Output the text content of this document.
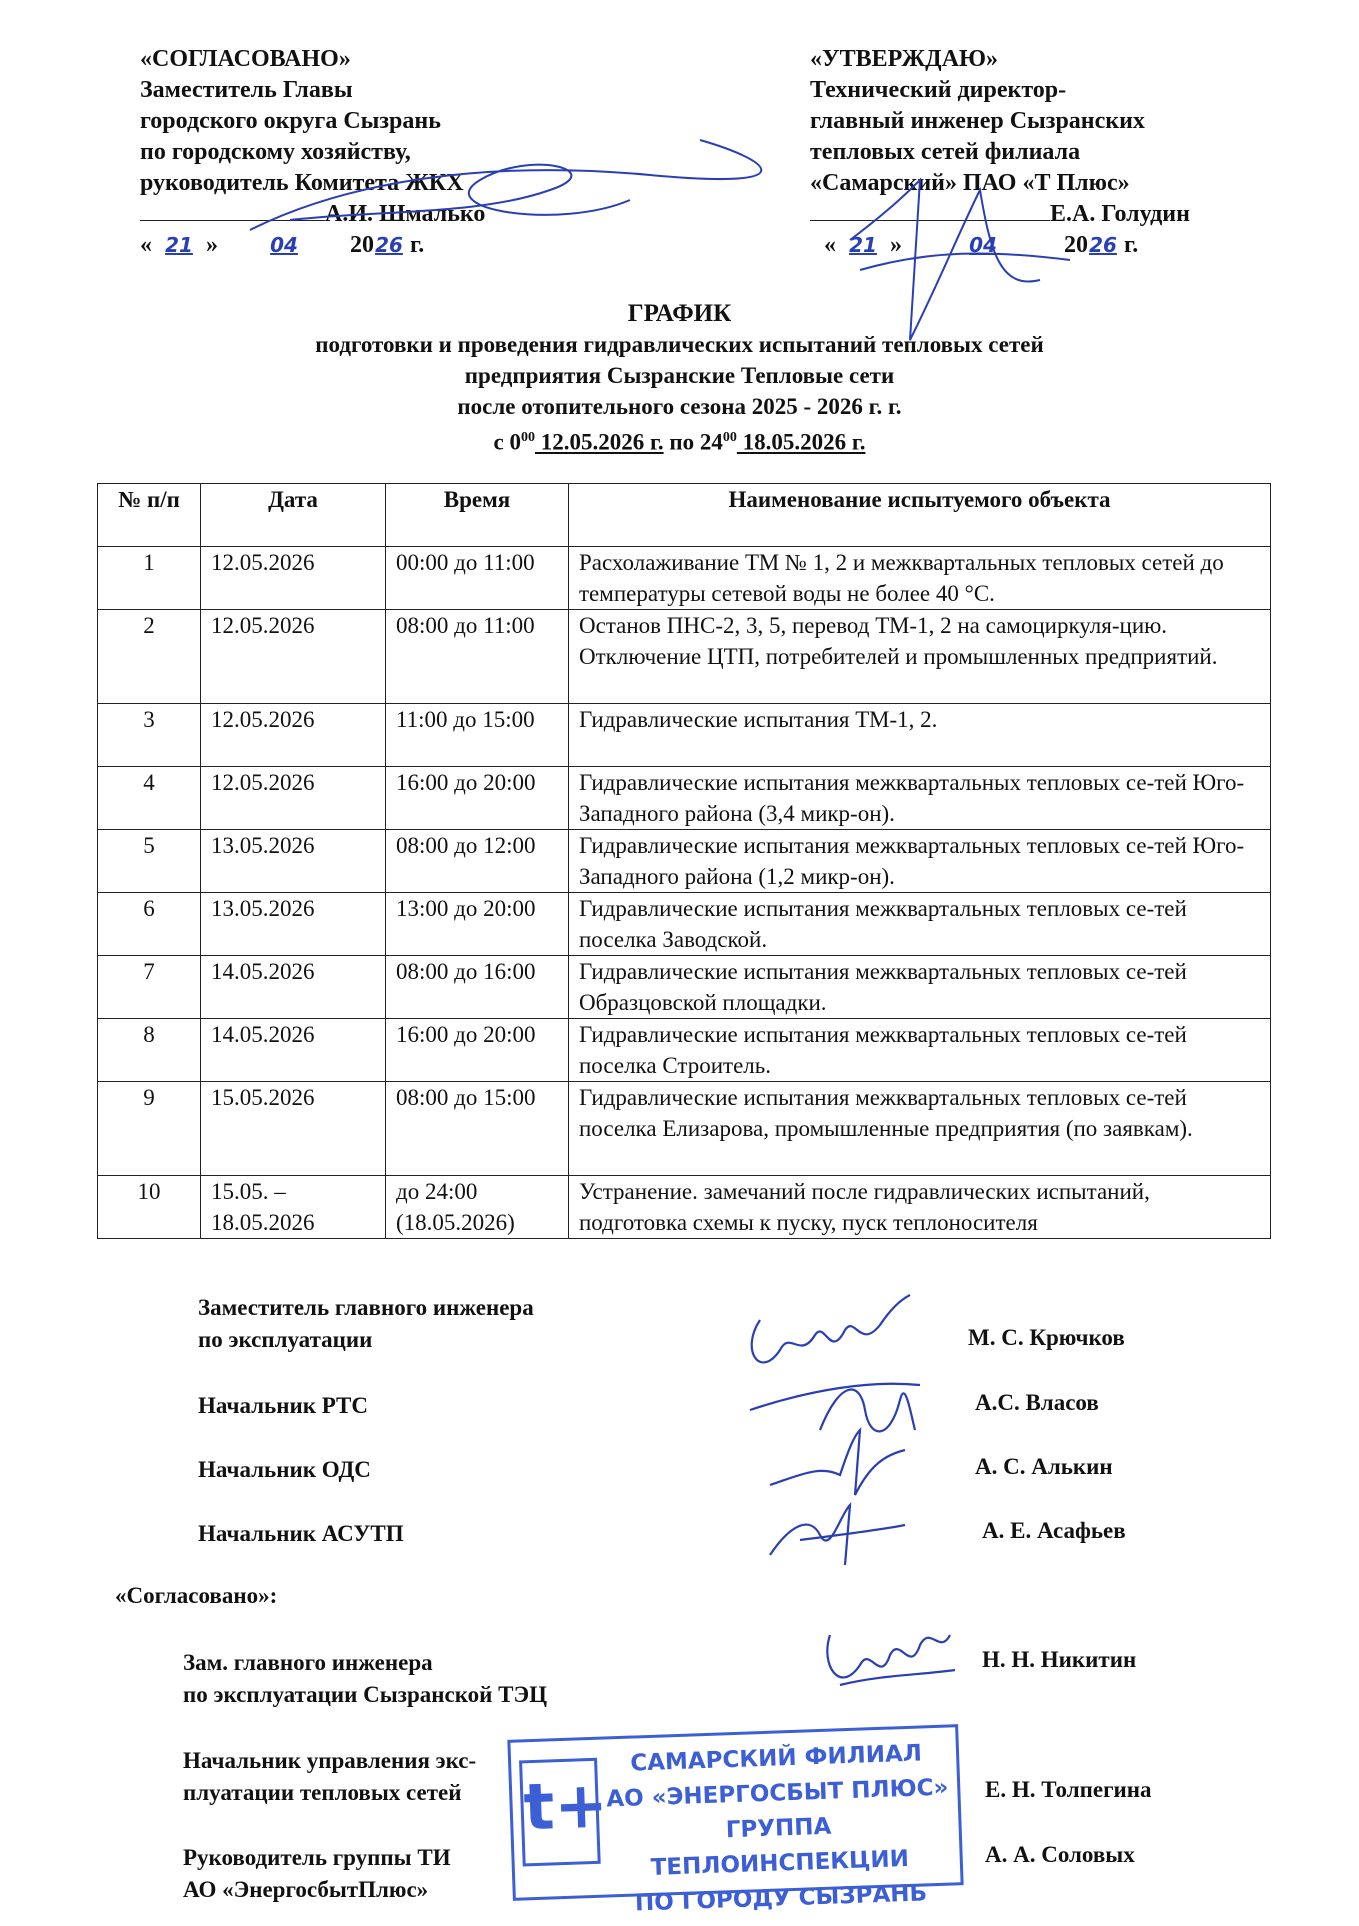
«СОГЛАСОВАНО»
Заместитель Главы
городского округа Сызрань
по городскому хозяйству,
руководитель Комитета ЖКХ
А.И. Шмалько
« 21 » 04 2026 г.
«УТВЕРЖДАЮ»
Технический директор-
главный инженер Сызранских
тепловых сетей филиала
«Самарский» ПАО «Т Плюс»
Е.А. Голудин
« 21 »	04	2026 г.
ГРАФИК
подготовки и проведения гидравлических испытаний тепловых сетей
предприятия Сызранские Тепловые сети
после отопительного сезона 2025 - 2026 г. г.
с $0^{00}$ 12.05.2026 г. по $24^{00}$ 18.05.2026 г.
№ п/п	Дата	Время	Наименование испытуемого объекта
1	12.05.2026	00:00 до 11:00	Расхолаживание ТМ № 1, 2 и межквартальных тепловых сетей до температуры сетевой воды не более 40 °С.
2	12.05.2026	08:00 до 11:00	Останов ПНС-2, 3, 5, перевод ТМ-1, 2 на самоциркуля-цию. Отключение ЦТП, потребителей и промышленных предприятий.
3	12.05.2026	11:00 до 15:00	Гидравлические испытания ТМ-1, 2.
4	12.05.2026	16:00 до 20:00	Гидравлические испытания межквартальных тепловых се-тей Юго-Западного района (3,4 микр-он).
5	13.05.2026	08:00 до 12:00	Гидравлические испытания межквартальных тепловых се-тей Юго-Западного района (1,2 микр-он).
6	13.05.2026	13:00 до 20:00	Гидравлические испытания межквартальных тепловых се-тей поселка Заводской.
7	14.05.2026	08:00 до 16:00	Гидравлические испытания межквартальных тепловых се-тей Образцовской площадки.
8	14.05.2026	16:00 до 20:00	Гидравлические испытания межквартальных тепловых се-тей поселка Строитель.
9	15.05.2026	08:00 до 15:00	Гидравлические испытания межквартальных тепловых се-тей поселка Елизарова, промышленные предприятия (по заявкам).
10	15.05. – 18.05.2026	до 24:00 (18.05.2026)	Устранение. замечаний после гидравлических испытаний, подготовка схемы к пуску, пуск теплоносителя
Заместитель главного инженера
по эксплуатации	М. С. Крючков
Начальник РТС	А.С. Власов
Начальник ОДС	А. С. Алькин
Начальник АСУТП	А. Е. Асафьев
«Согласовано»:
Зам. главного инженера
по эксплуатации Сызранской ТЭЦ
Н. Н. Никитин
Начальник управления экс-
плуатации тепловых сетей	Е. Н. Толпегина
Руководитель группы ТИ
АО «ЭнергосбытПлюс»
А. А. Соловых
t+
САМАРСКИЙ ФИЛИАЛ
АО «ЭНЕРГОСБЫТ ПЛЮС»
ГРУППА ТЕПЛОИНСПЕКЦИИ
ПО ГОРОДУ СЫЗРАНЬ
